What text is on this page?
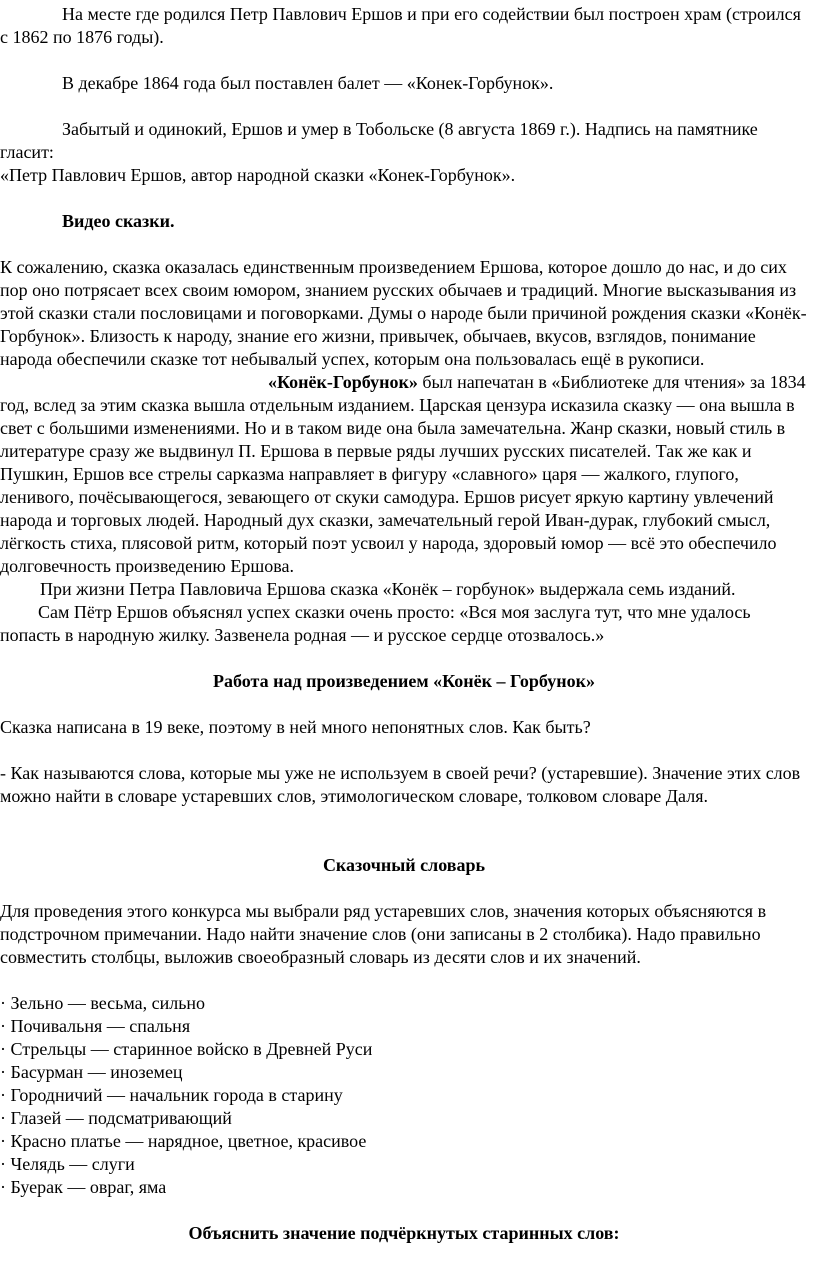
На месте где родился Петр Павлович Ершов и при его содействии был построен храм (строился с 1862 по 1876 годы).

В декабре 1864 года был поставлен балет — «Конек-Горбунок».

Забытый и одинокий, Ершов и умер в Тобольске (8 августа 1869 г.). Надпись на памятнике гласит:

«Петр Павлович Ершов, автор народной сказки «Конек-Горбунок».

Видео сказки.

К сожалению, сказка оказалась единственным произведением Ершова, которое дошло до нас, и до сих пор оно потрясает всех своим юмором, знанием русских обычаев и традиций. Многие высказывания из этой сказки стали пословицами и поговорками. Думы о народе были причиной рождения сказки «Конёк-Горбунок». Близость к народу, знание его жизни, привычек, обычаев, вкусов, взглядов, понимание народа обеспечили сказке тот небывалый успех, которым она пользовалась ещё в рукописи.«Конёк-Горбунок» был напечатан в «Библиотеке для чтения» за 1834 год, вслед за этим сказка вышла отдельным изданием. Царская цензура исказила сказку — она вышла в свет с большими изменениями. Но и в таком виде она была замечательна. Жанр сказки, новый стиль в литературе сразу же выдвинул П. Ершова в первые ряды лучших русских писателей. Так же как и Пушкин, Ершов все стрелы сарказма направляет в фигуру «славного» царя — жалкого, глупого, ленивого, почёсывающегося, зевающего от скуки самодура. Ершов рисует яркую картину увлечений народа и торговых людей. Народный дух сказки, замечательный герой Иван-дурак, глубокий смысл, лёгкость стиха, плясовой ритм, который поэт усвоил у народа, здоровый юмор — всё это обеспечило долговечность произведению Ершова.

При жизни Петра Павловича Ершова сказка «Конёк – горбунок» выдержала семь изданий.

Сам Пётр Ершов объяснял успех сказки очень просто: «Вся моя заслуга тут, что мне удалось попасть в народную жилку. Зазвенела родная — и русское сердце отозвалось.»

Работа над произведением «Конёк – Горбунок»

Сказка написана в 19 веке, поэтому в ней много непонятных слов. Как быть?

- Как называются слова, которые мы уже не используем в своей речи? (устаревшие). Значение этих слов можно найти в словаре устаревших слов, этимологическом словаре, толковом словаре Даля.

Сказочный словарь

Для проведения этого конкурса мы выбрали ряд устаревших слов, значения которых объясняются в подстрочном примечании. Надо найти значение слов (они записаны в 2 столбика). Надо правильно совместить столбцы, выложив своеобразный словарь из десяти слов и их значений.

· Зельно — весьма, сильно
· Почивальня — спальня
· Стрельцы — старинное войско в Древней Руси
· Басурман — иноземец
· Городничий — начальник города в старину
· Глазей — подсматривающий
· Красно платье — нарядное, цветное, красивое
· Челядь — слуги
· Буерак — овраг, яма

Объяснить значение подчёркнутых старинных слов:
